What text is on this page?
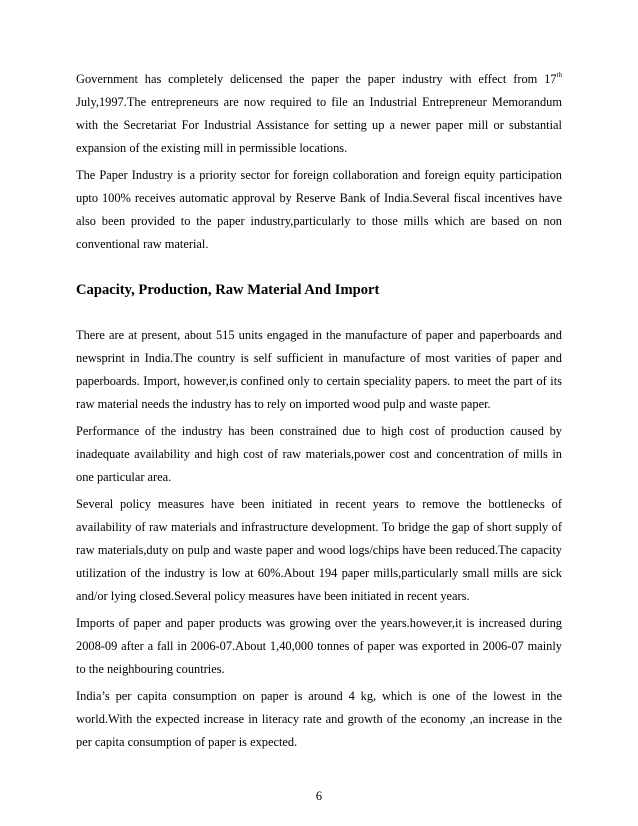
Government has completely delicensed the paper the paper industry with effect from 17th July,1997.The entrepreneurs are now required to file an Industrial Entrepreneur Memorandum with the Secretariat For Industrial Assistance for setting up a newer paper mill or substantial expansion of the existing mill in permissible locations.

The Paper Industry is a priority sector for foreign collaboration and foreign equity participation upto 100% receives automatic approval by Reserve Bank of India.Several fiscal incentives have also been provided to the paper industry,particularly to those mills which are based on non conventional raw material.

Capacity, Production, Raw Material And Import

There are at present, about 515 units engaged in the manufacture of paper and paperboards and newsprint in India.The country is self sufficient in manufacture of most varities of paper and paperboards. Import, however,is confined only to certain speciality papers. to meet the part of its raw material needs the industry has to rely on imported wood pulp and waste paper.

Performance of the industry has been constrained due to high cost of production caused by inadequate availability and high cost of raw materials,power cost and concentration of mills in one particular area.

Several policy measures have been initiated in recent years to remove the bottlenecks of availability of raw materials and infrastructure development. To bridge the gap of short supply of raw materials,duty on pulp and waste paper and wood logs/chips have been reduced.The capacity utilization of the industry is low at 60%.About 194 paper mills,particularly small mills are sick and/or lying closed.Several policy measures have been initiated in recent years.

Imports of paper and paper products was growing over the years.however,it is increased during 2008-09 after a fall in 2006-07.About 1,40,000 tonnes of paper was exported in 2006-07 mainly to the neighbouring countries.

India’s per capita consumption on paper is around 4 kg, which is one of the lowest in the world.With the expected increase in literacy rate and growth of the economy ,an increase in the per capita consumption of paper is expected.

6
